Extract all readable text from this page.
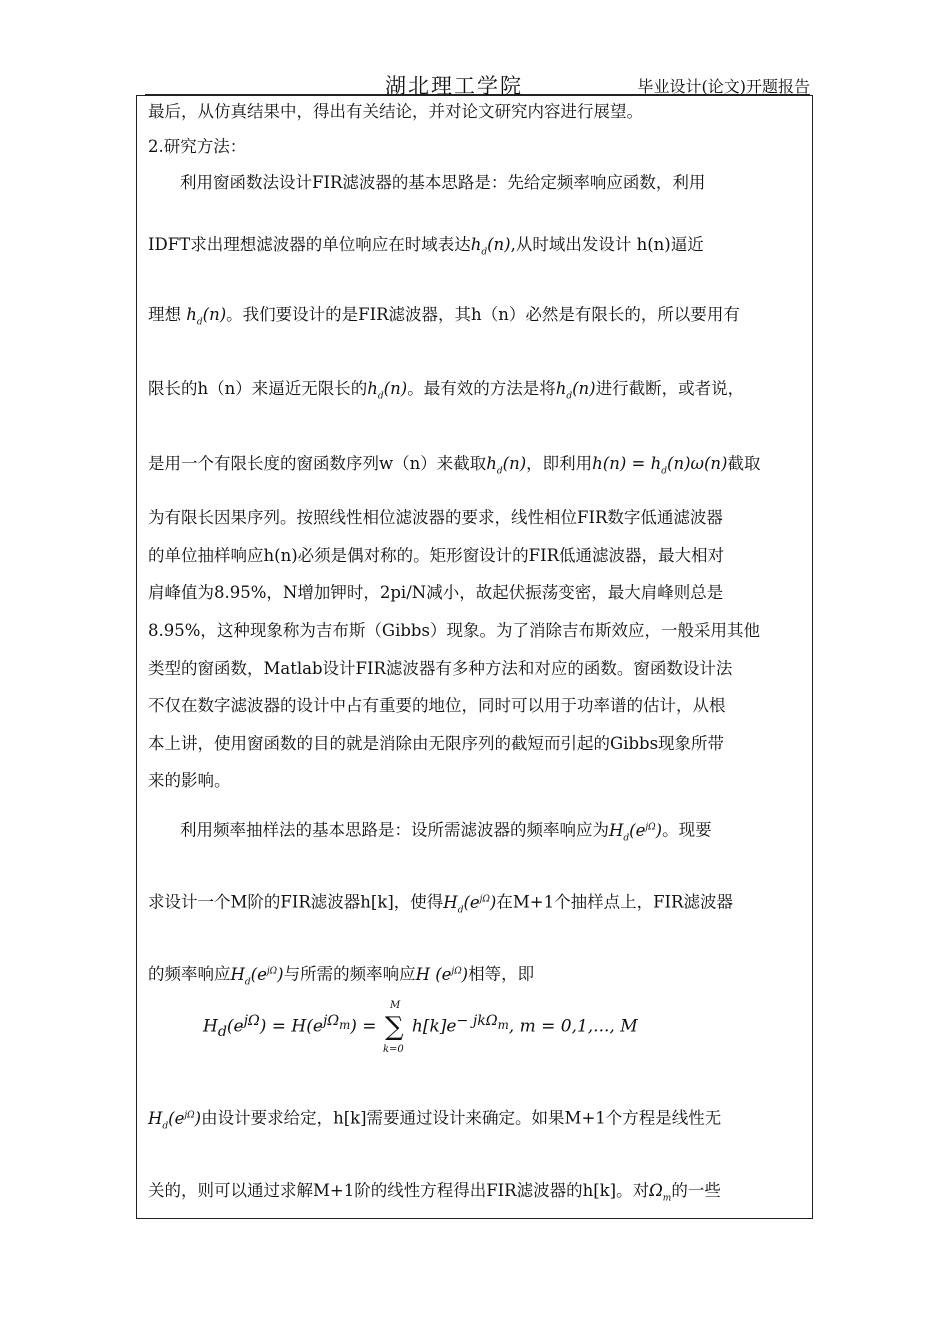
湖北理工学院	毕业设计(论文)开题报告
最后，从仿真结果中，得出有关结论，并对论文研究内容进行展望。
2.研究方法：
利用窗函数法设计FIR滤波器的基本思路是：先给定频率响应函数，利用
IDFT求出理想滤波器的单位响应在时域表达$h_d(n)$,从时域出发设计 h(n)逼近
理想 $h_d(n)$。我们要设计的是FIR滤波器，其h（n）必然是有限长的，所以要用有
限长的h（n）来逼近无限长的$h_d(n)$。最有效的方法是将$h_d(n)$进行截断，或者说，
是用一个有限长度的窗函数序列w（n）来截取$h_d(n)$，即利用$h(n) = h_d(n)\omega(n)$截取
为有限长因果序列。按照线性相位滤波器的要求，线性相位FIR数字低通滤波器
的单位抽样响应h(n)必须是偶对称的。矩形窗设计的FIR低通滤波器，最大相对
肩峰值为8.95%，N增加钾时，2pi/N减小，故起伏振荡变密，最大肩峰则总是
8.95%，这种现象称为吉布斯（Gibbs）现象。为了消除吉布斯效应，一般采用其他
类型的窗函数，Matlab设计FIR滤波器有多种方法和对应的函数。窗函数设计法
不仅在数字滤波器的设计中占有重要的地位，同时可以用于功率谱的估计，从根
本上讲，使用窗函数的目的就是消除由无限序列的截短而引起的Gibbs现象所带
来的影响。
利用频率抽样法的基本思路是：设所需滤波器的频率响应为$H_d(e^{j\Omega})$。现要
求设计一个M阶的FIR滤波器h[k]，使得$H_d(e^{j\Omega})$在M+1个抽样点上，FIR滤波器
的频率响应$H_d(e^{j\Omega})$与所需的频率响应H $(e^{j\Omega})$相等，即
$H_d(e^{j\Omega}) = H(e^{j\Omega_m})$ =
M
∑
k=0
$h[k]e^{- jk\Omega_m}$, m = 0,1,..., M
$H_d(e^{j\Omega})$由设计要求给定，h[k]需要通过设计来确定。如果M+1个方程是线性无
关的，则可以通过求解M+1阶的线性方程得出FIR滤波器的h[k]。对$\Omega_m$的一些
